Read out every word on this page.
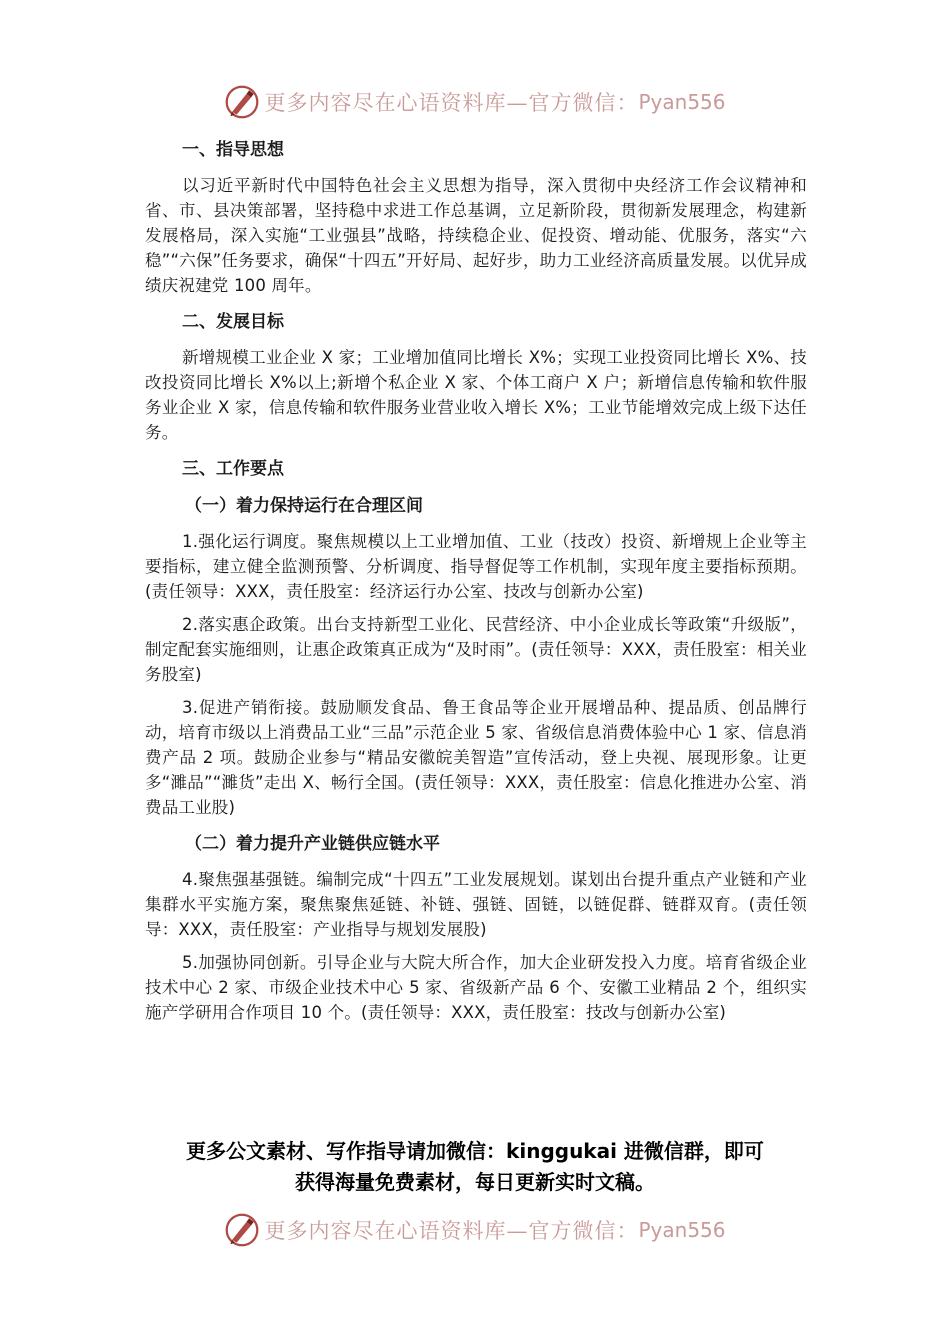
更多内容尽在心语资料库—官方微信： Pyan556

一、指导思想

以习近平新时代中国特色社会主义思想为指导，深入贯彻中央经济工作会议精神和省、市、县决策部署，坚持稳中求进工作总基调，立足新阶段，贯彻新发展理念，构建新发展格局，深入实施“工业强县”战略，持续稳企业、促投资、增动能、优服务，落实“六稳”“六保”任务要求，确保“十四五”开好局、起好步，助力工业经济高质量发展。以优异成绩庆祝建党 100 周年。

二、发展目标

新增规模工业企业 X 家；工业增加值同比增长 X%；实现工业投资同比增长 X%、技改投资同比增长 X%以上;新增个私企业 X 家、个体工商户 X 户；新增信息传输和软件服务业企业 X 家，信息传输和软件服务业营业收入增长 X%；工业节能增效完成上级下达任务。

三、工作要点

（一）着力保持运行在合理区间

1.强化运行调度。聚焦规模以上工业增加值、工业（技改）投资、新增规上企业等主要指标，建立健全监测预警、分析调度、指导督促等工作机制，实现年度主要指标预期。(责任领导：XXX，责任股室：经济运行办公室、技改与创新办公室)

2.落实惠企政策。出台支持新型工业化、民营经济、中小企业成长等政策“升级版”，制定配套实施细则，让惠企政策真正成为“及时雨”。(责任领导：XXX，责任股室：相关业务股室)

3.促进产销衔接。鼓励顺发食品、鲁王食品等企业开展增品种、提品质、创品牌行动，培育市级以上消费品工业“三品”示范企业 5 家、省级信息消费体验中心 1 家、信息消费产品 2 项。鼓励企业参与“精品安徽皖美智造”宣传活动，登上央视、展现形象。让更多“濉品”“濉货”走出 X、畅行全国。(责任领导：XXX，责任股室：信息化推进办公室、消费品工业股)

（二）着力提升产业链供应链水平

4.聚焦强基强链。编制完成“十四五”工业发展规划。谋划出台提升重点产业链和产业集群水平实施方案，聚焦聚焦延链、补链、强链、固链，以链促群、链群双育。(责任领导：XXX，责任股室：产业指导与规划发展股)

5.加强协同创新。引导企业与大院大所合作，加大企业研发投入力度。培育省级企业技术中心 2 家、市级企业技术中心 5 家、省级新产品 6 个、安徽工业精品 2 个，组织实施产学研用合作项目 10 个。(责任领导：XXX，责任股室：技改与创新办公室)

更多公文素材、写作指导请加微信：kinggukai 进微信群，即可
获得海量免费素材，每日更新实时文稿。
更多内容尽在心语资料库—官方微信： Pyan556
